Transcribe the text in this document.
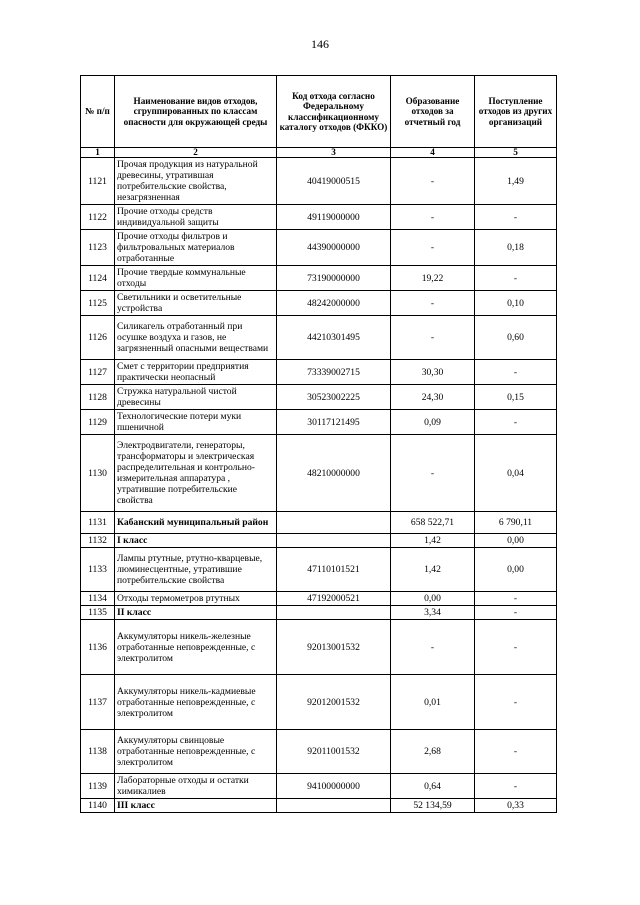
146
№ п/п	Наименование видов отходов, сгруппированных по классам опасности для окружающей среды	Код отхода согласно Федеральному классификационному каталогу отходов (ФККО)	Образование отходов за отчетный год	Поступление отходов из других организаций
1	2	3	4	5
1121	Прочая продукция из натуральной древесины, утратившая потребительские свойства, незагрязненная	40419000515	-	1,49
1122	Прочие отходы средств индивидуальной защиты	49119000000	-	-
1123	Прочие отходы фильтров и фильтровальных материалов отработанные	44390000000	-	0,18
1124	Прочие твердые коммунальные отходы	73190000000	19,22	-
1125	Светильники и осветительные устройства	48242000000	-	0,10
1126	Силикагель отработанный при осушке воздуха и газов, не загрязненный опасными веществами	44210301495	-	0,60
1127	Смет с территории предприятия практически неопасный	73339002715	30,30	-
1128	Стружка натуральной чистой древесины	30523002225	24,30	0,15
1129	Технологические потери муки пшеничной	30117121495	0,09	-
1130	Электродвигатели, генераторы, трансформаторы и электрическая распределительная и контрольно-измерительная аппаратура , утратившие потребительские свойства	48210000000	-	0,04
1131	Кабанский муниципальный район		658 522,71	6 790,11
1132	I класс		1,42	0,00
1133	Лампы ртутные, ртутно-кварцевые, люминесцентные, утратившие потребительские свойства	47110101521	1,42	0,00
1134	Отходы термометров ртутных	47192000521	0,00	-
1135	II класс		3,34	-
1136	Аккумуляторы никель-железные отработанные неповрежденные, с электролитом	92013001532	-	-
1137	Аккумуляторы никель-кадмиевые отработанные неповрежденные, с электролитом	92012001532	0,01	-
1138	Аккумуляторы свинцовые отработанные неповрежденные, с электролитом	92011001532	2,68	-
1139	Лабораторные отходы и остатки химикалиев	94100000000	0,64	-
1140	III класс		52 134,59	0,33
